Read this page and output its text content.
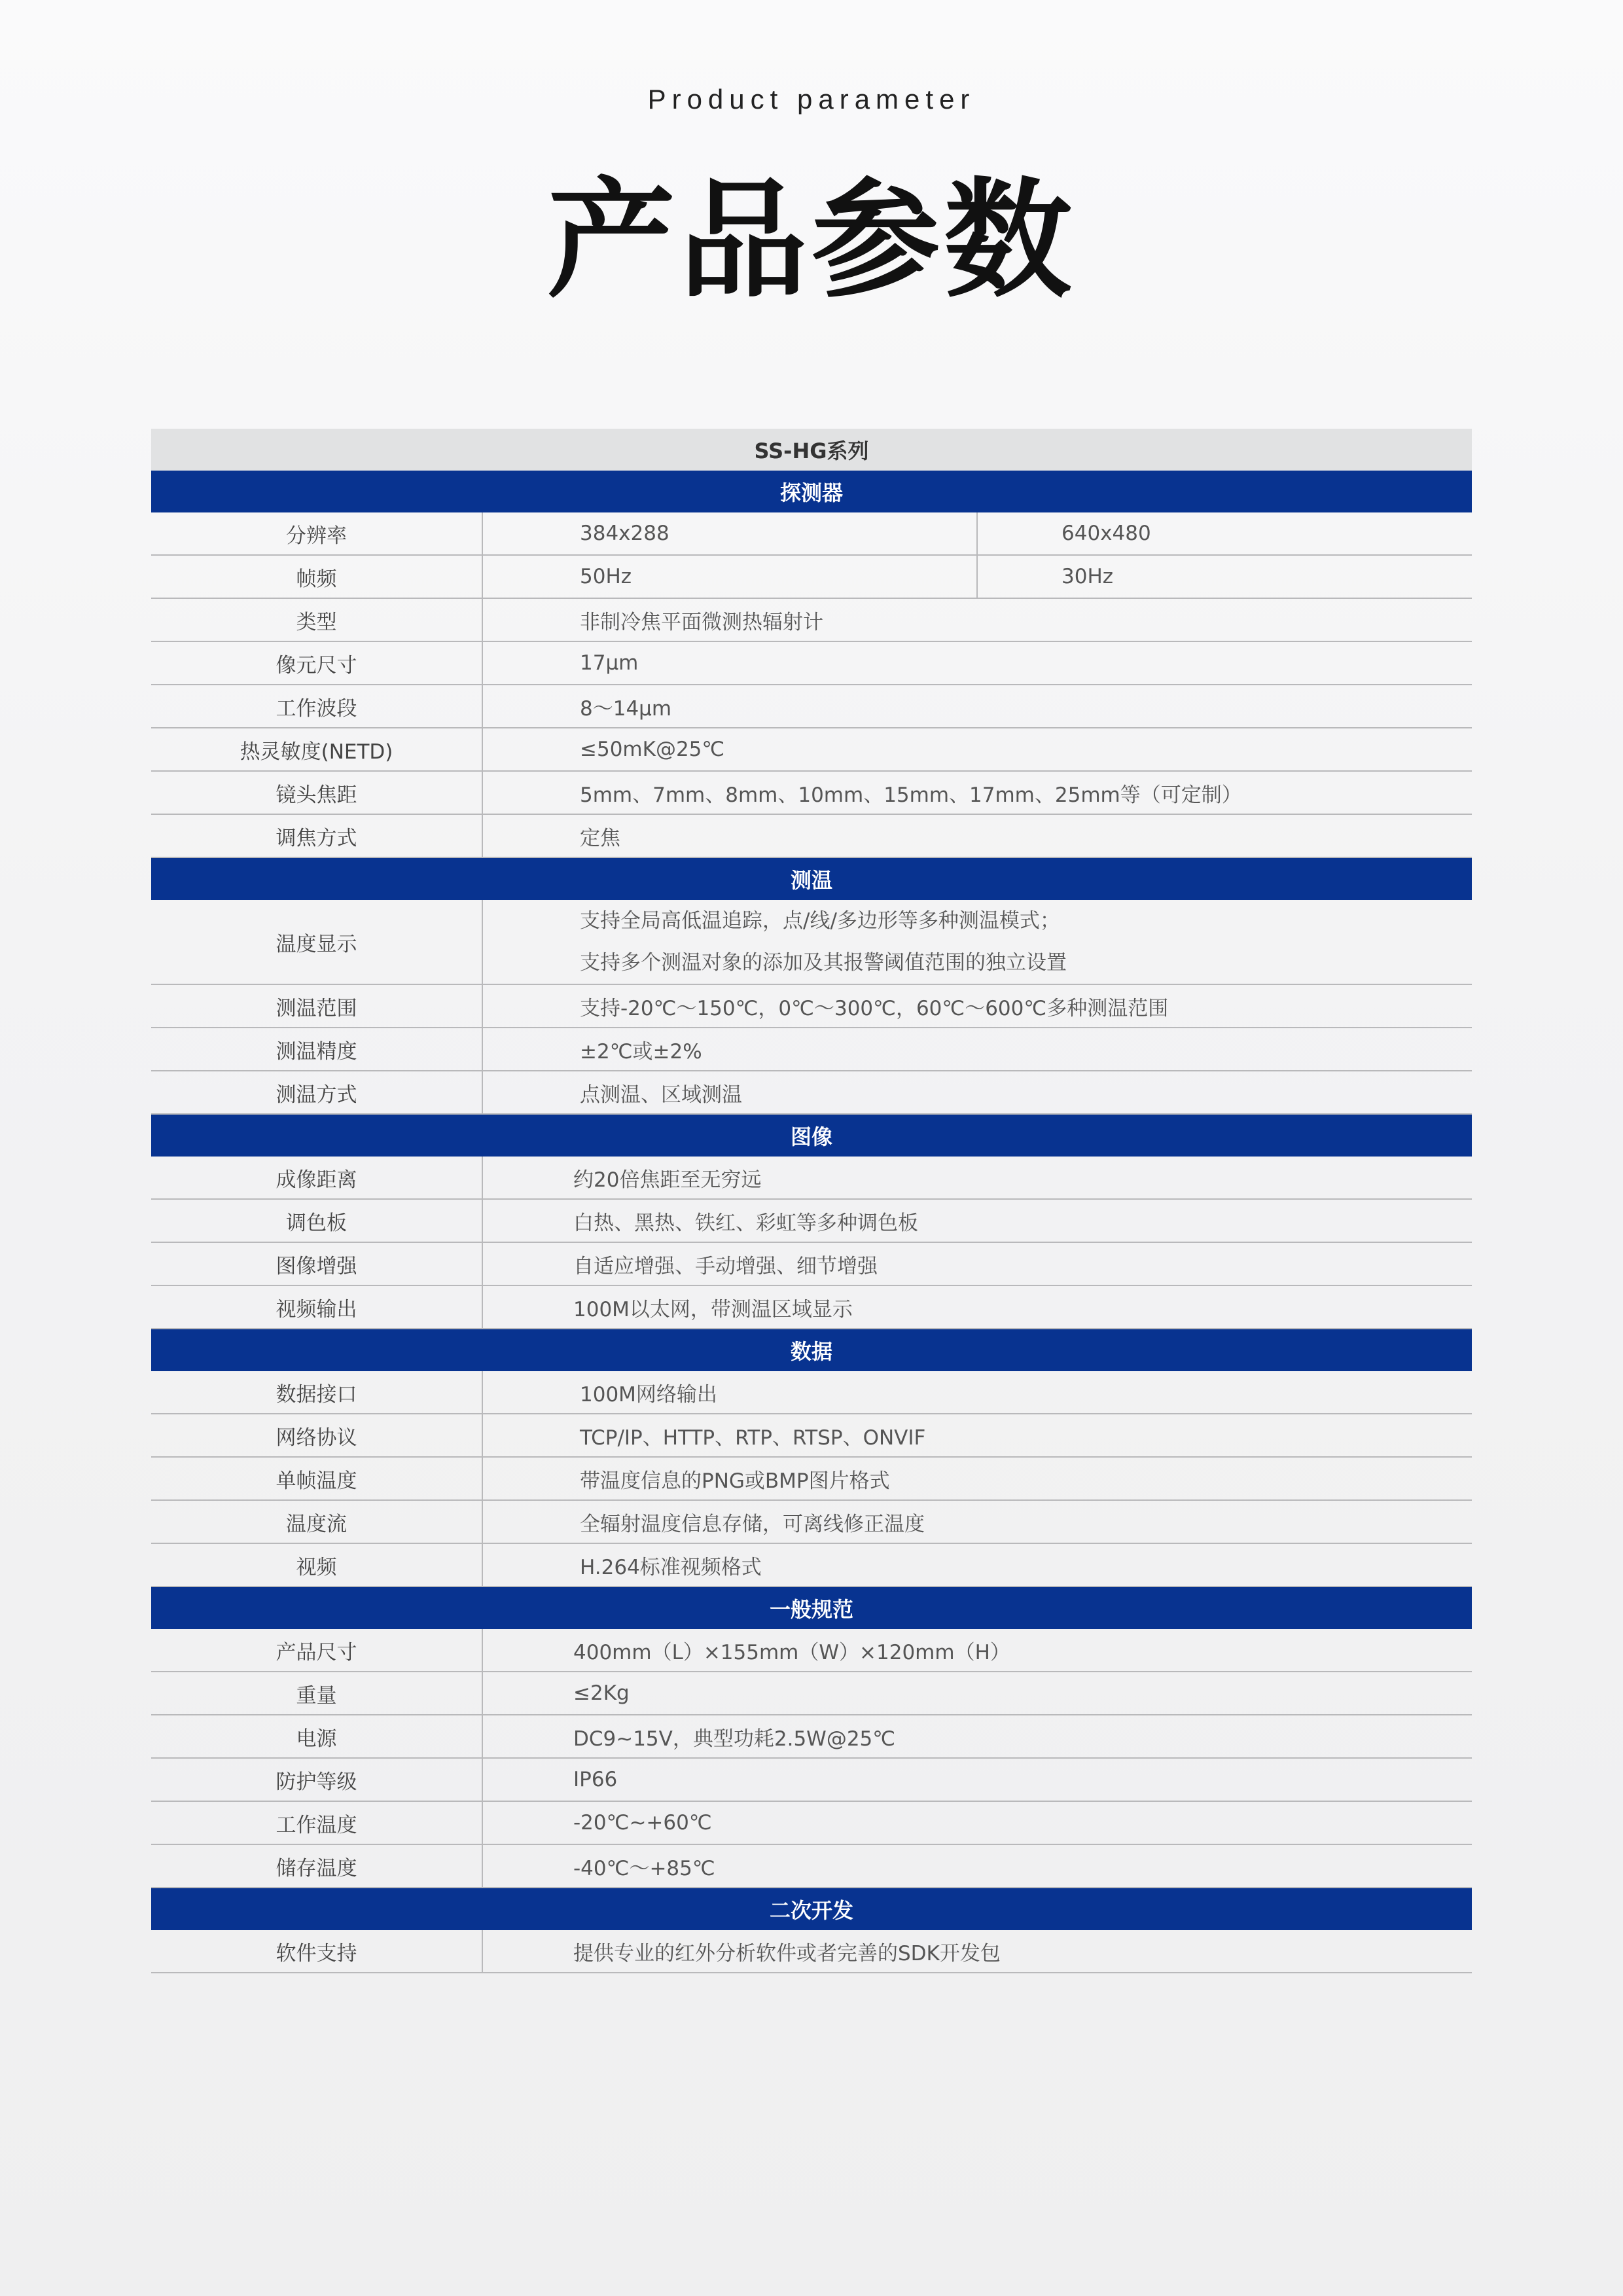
Product parameter
产品参数
SS-HG系列		
探测器		
分辨率	384x288	640x480
帧频	50Hz	30Hz
类型	非制冷焦平面微测热辐射计	
像元尺寸	17μm	
工作波段	8～14μm	
热灵敏度(NETD)	≤50mK@25℃	
镜头焦距	5mm、7mm、8mm、10mm、15mm、17mm、25mm等（可定制）	
调焦方式	定焦	
测温		
温度显示	支持全局高低温追踪，点/线/多边形等多种测温模式；
支持多个测温对象的添加及其报警阈值范围的独立设置	

测温范围	支持-20℃～150℃，0℃～300℃，60℃～600℃多种测温范围	
测温精度	±2℃或±2%	
测温方式	点测温、区域测温	
图像		
成像距离	约20倍焦距至无穷远	
调色板	白热、黑热、铁红、彩虹等多种调色板	
图像增强	自适应增强、手动增强、细节增强	
视频输出	100M以太网，带测温区域显示	
数据		
数据接口	100M网络输出	
网络协议	TCP/IP、HTTP、RTP、RTSP、ONVIF	
单帧温度	带温度信息的PNG或BMP图片格式	
温度流	全辐射温度信息存储，可离线修正温度	
视频	H.264标准视频格式	
一般规范		
产品尺寸	400mm（L）×155mm（W）×120mm（H）	
重量	≤2Kg	
电源	DC9~15V，典型功耗2.5W@25℃	
防护等级	IP66	
工作温度	-20℃~+60℃	
储存温度	-40℃～+85℃	
二次开发		
软件支持	提供专业的红外分析软件或者完善的SDK开发包	
